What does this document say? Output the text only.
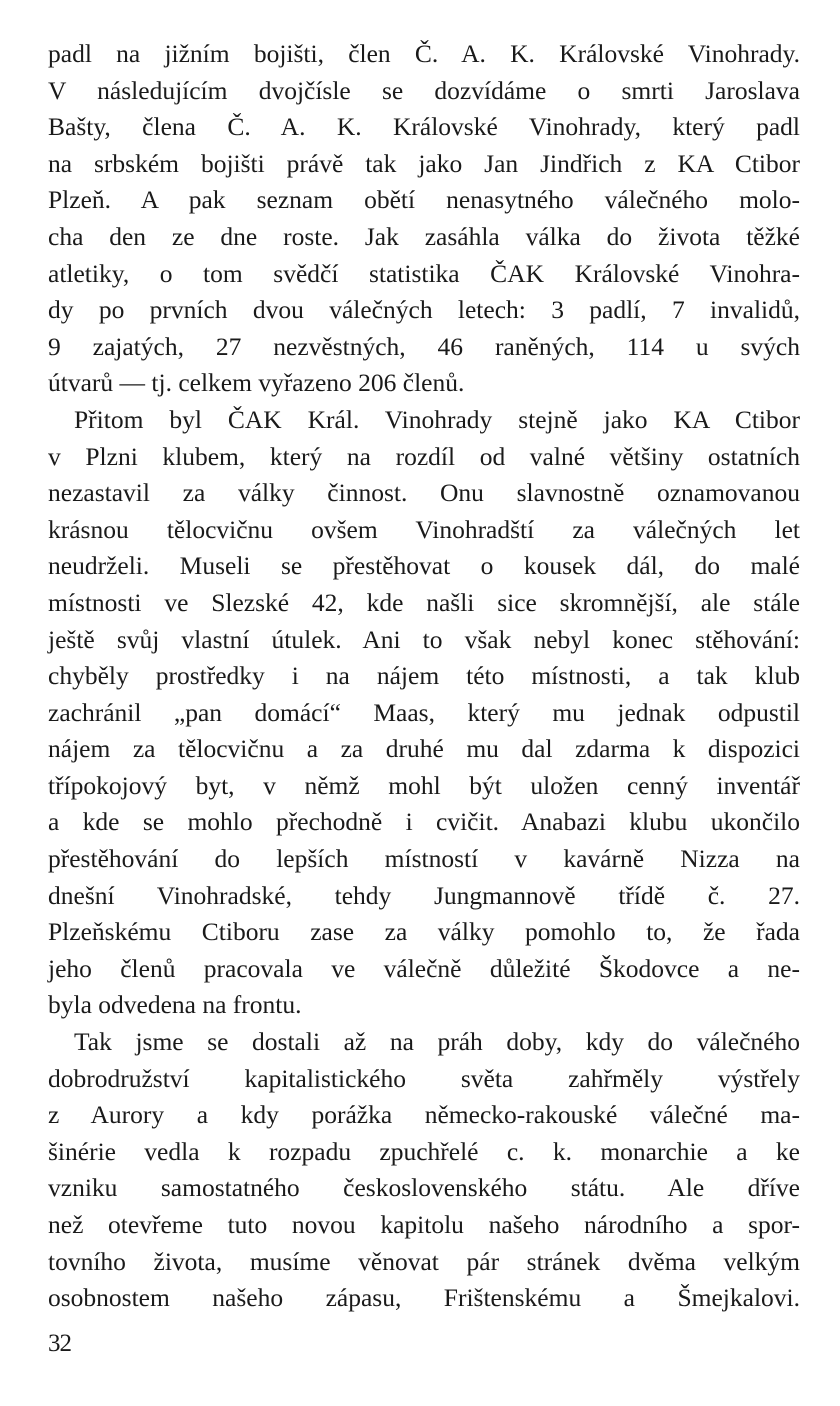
padl na jižním bojišti, člen Č. A. K. Královské Vinohrady.
V následujícím dvojčísle se dozvídáme o smrti Jaroslava
Bašty, člena Č. A. K. Královské Vinohrady, který padl
na srbském bojišti právě tak jako Jan Jindřich z KA Ctibor
Plzeň. A pak seznam obětí nenasytného válečného molo-
cha den ze dne roste. Jak zasáhla válka do života těžké
atletiky, o tom svědčí statistika ČAK Královské Vinohra-
dy po prvních dvou válečných letech: 3 padlí, 7 invalidů,
9 zajatých, 27 nezvěstných, 46 raněných, 114 u svých
útvarů — tj. celkem vyřazeno 206 členů.
Přitom byl ČAK Král. Vinohrady stejně jako KA Ctibor
v Plzni klubem, který na rozdíl od valné většiny ostatních
nezastavil za války činnost. Onu slavnostně oznamovanou
krásnou tělocvičnu ovšem Vinohradští za válečných let
neudrželi. Museli se přestěhovat o kousek dál, do malé
místnosti ve Slezské 42, kde našli sice skromnější, ale stále
ještě svůj vlastní útulek. Ani to však nebyl konec stěhování:
chyběly prostředky i na nájem této místnosti, a tak klub
zachránil „pan domácí“ Maas, který mu jednak odpustil
nájem za tělocvičnu a za druhé mu dal zdarma k dispozici
třípokojový byt, v němž mohl být uložen cenný inventář
a kde se mohlo přechodně i cvičit. Anabazi klubu ukončilo
přestěhování do lepších místností v kavárně Nizza na
dnešní Vinohradské, tehdy Jungmannově třídě č. 27.
Plzeňskému Ctiboru zase za války pomohlo to, že řada
jeho členů pracovala ve válečně důležité Škodovce a ne-
byla odvedena na frontu.
Tak jsme se dostali až na práh doby, kdy do válečného
dobrodružství kapitalistického světa zahřměly výstřely
z Aurory a kdy porážka německo-rakouské válečné ma-
šinérie vedla k rozpadu zpuchřelé c. k. monarchie a ke
vzniku samostatného československého státu. Ale dříve
než otevřeme tuto novou kapitolu našeho národního a spor-
tovního života, musíme věnovat pár stránek dvěma velkým
osobnostem našeho zápasu, Frištenskému a Šmejkalovi.
32
